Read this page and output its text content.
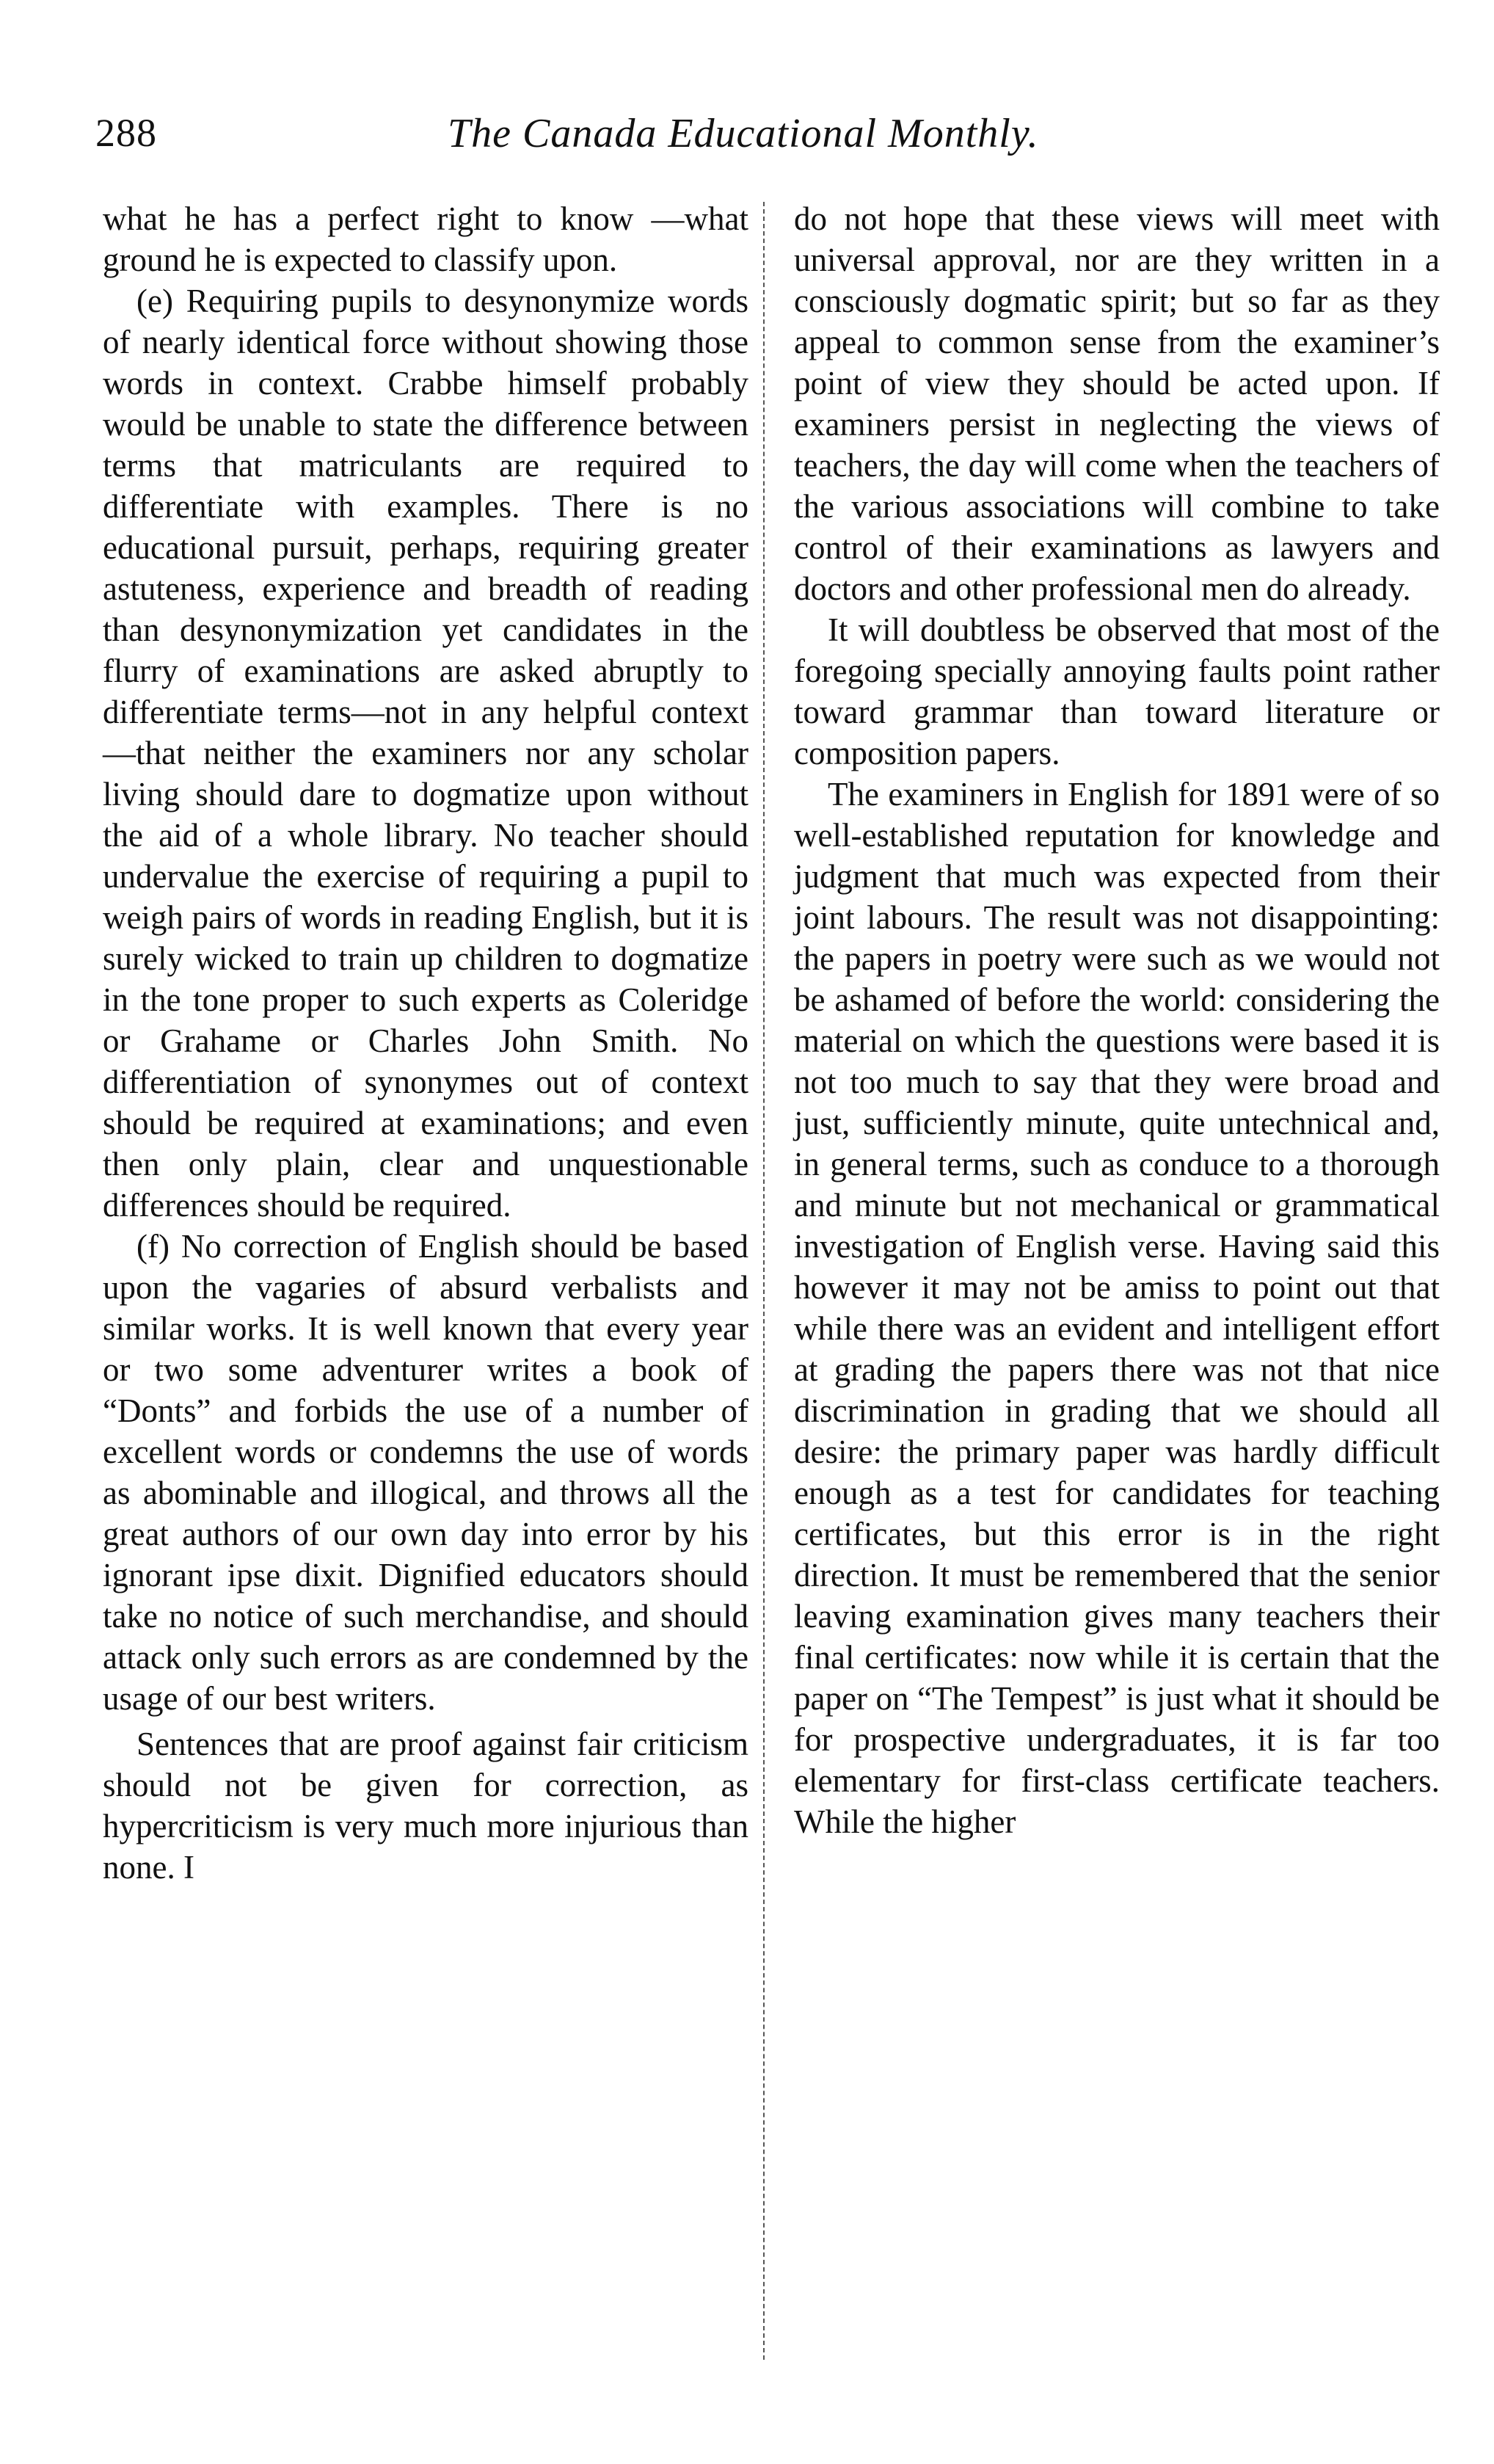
288	The Canada Educational Monthly.

what he has a perfect right to know —what ground he is expected to classify upon.

(e) Requiring pupils to desynonymize words of nearly identical force without showing those words in context. Crabbe himself probably would be unable to state the difference between terms that matriculants are required to differentiate with examples. There is no educational pursuit, perhaps, requiring greater astuteness, experience and breadth of reading than desynonymization yet candidates in the flurry of examinations are asked abruptly to differentiate terms—not in any helpful context—that neither the examiners nor any scholar living should dare to dogmatize upon without the aid of a whole library. No teacher should undervalue the exercise of requiring a pupil to weigh pairs of words in reading English, but it is surely wicked to train up children to dogmatize in the tone proper to such experts as Coleridge or Grahame or Charles John Smith. No differentiation of synonymes out of context should be required at examinations; and even then only plain, clear and unquestionable differences should be required.

(f) No correction of English should be based upon the vagaries of absurd verbalists and similar works. It is well known that every year or two some adventurer writes a book of “Donts” and forbids the use of a number of excellent words or condemns the use of words as abominable and illogical, and throws all the great authors of our own day into error by his ignorant ipse dixit. Dignified educators should take no notice of such merchandise, and should attack only such errors as are condemned by the usage of our best writers.

Sentences that are proof against fair criticism should not be given for correction, as hypercriticism is very much more injurious than none. I

do not hope that these views will meet with universal approval, nor are they written in a consciously dogmatic spirit; but so far as they appeal to common sense from the examiner’s point of view they should be acted upon. If examiners persist in neglecting the views of teachers, the day will come when the teachers of the various associations will combine to take control of their examinations as lawyers and doctors and other professional men do already.

It will doubtless be observed that most of the foregoing specially annoying faults point rather toward grammar than toward literature or composition papers.

The examiners in English for 1891 were of so well-established reputation for knowledge and judgment that much was expected from their joint labours. The result was not disappointing: the papers in poetry were such as we would not be ashamed of before the world: considering the material on which the questions were based it is not too much to say that they were broad and just, sufficiently minute, quite untechnical and, in general terms, such as conduce to a thorough and minute but not mechanical or grammatical investigation of English verse. Having said this however it may not be amiss to point out that while there was an evident and intelligent effort at grading the papers there was not that nice discrimination in grading that we should all desire: the primary paper was hardly difficult enough as a test for candidates for teaching certificates, but this error is in the right direction. It must be remembered that the senior leaving examination gives many teachers their final certificates: now while it is certain that the paper on “The Tempest” is just what it should be for prospective undergraduates, it is far too elementary for first-class certificate teachers. While the higher
